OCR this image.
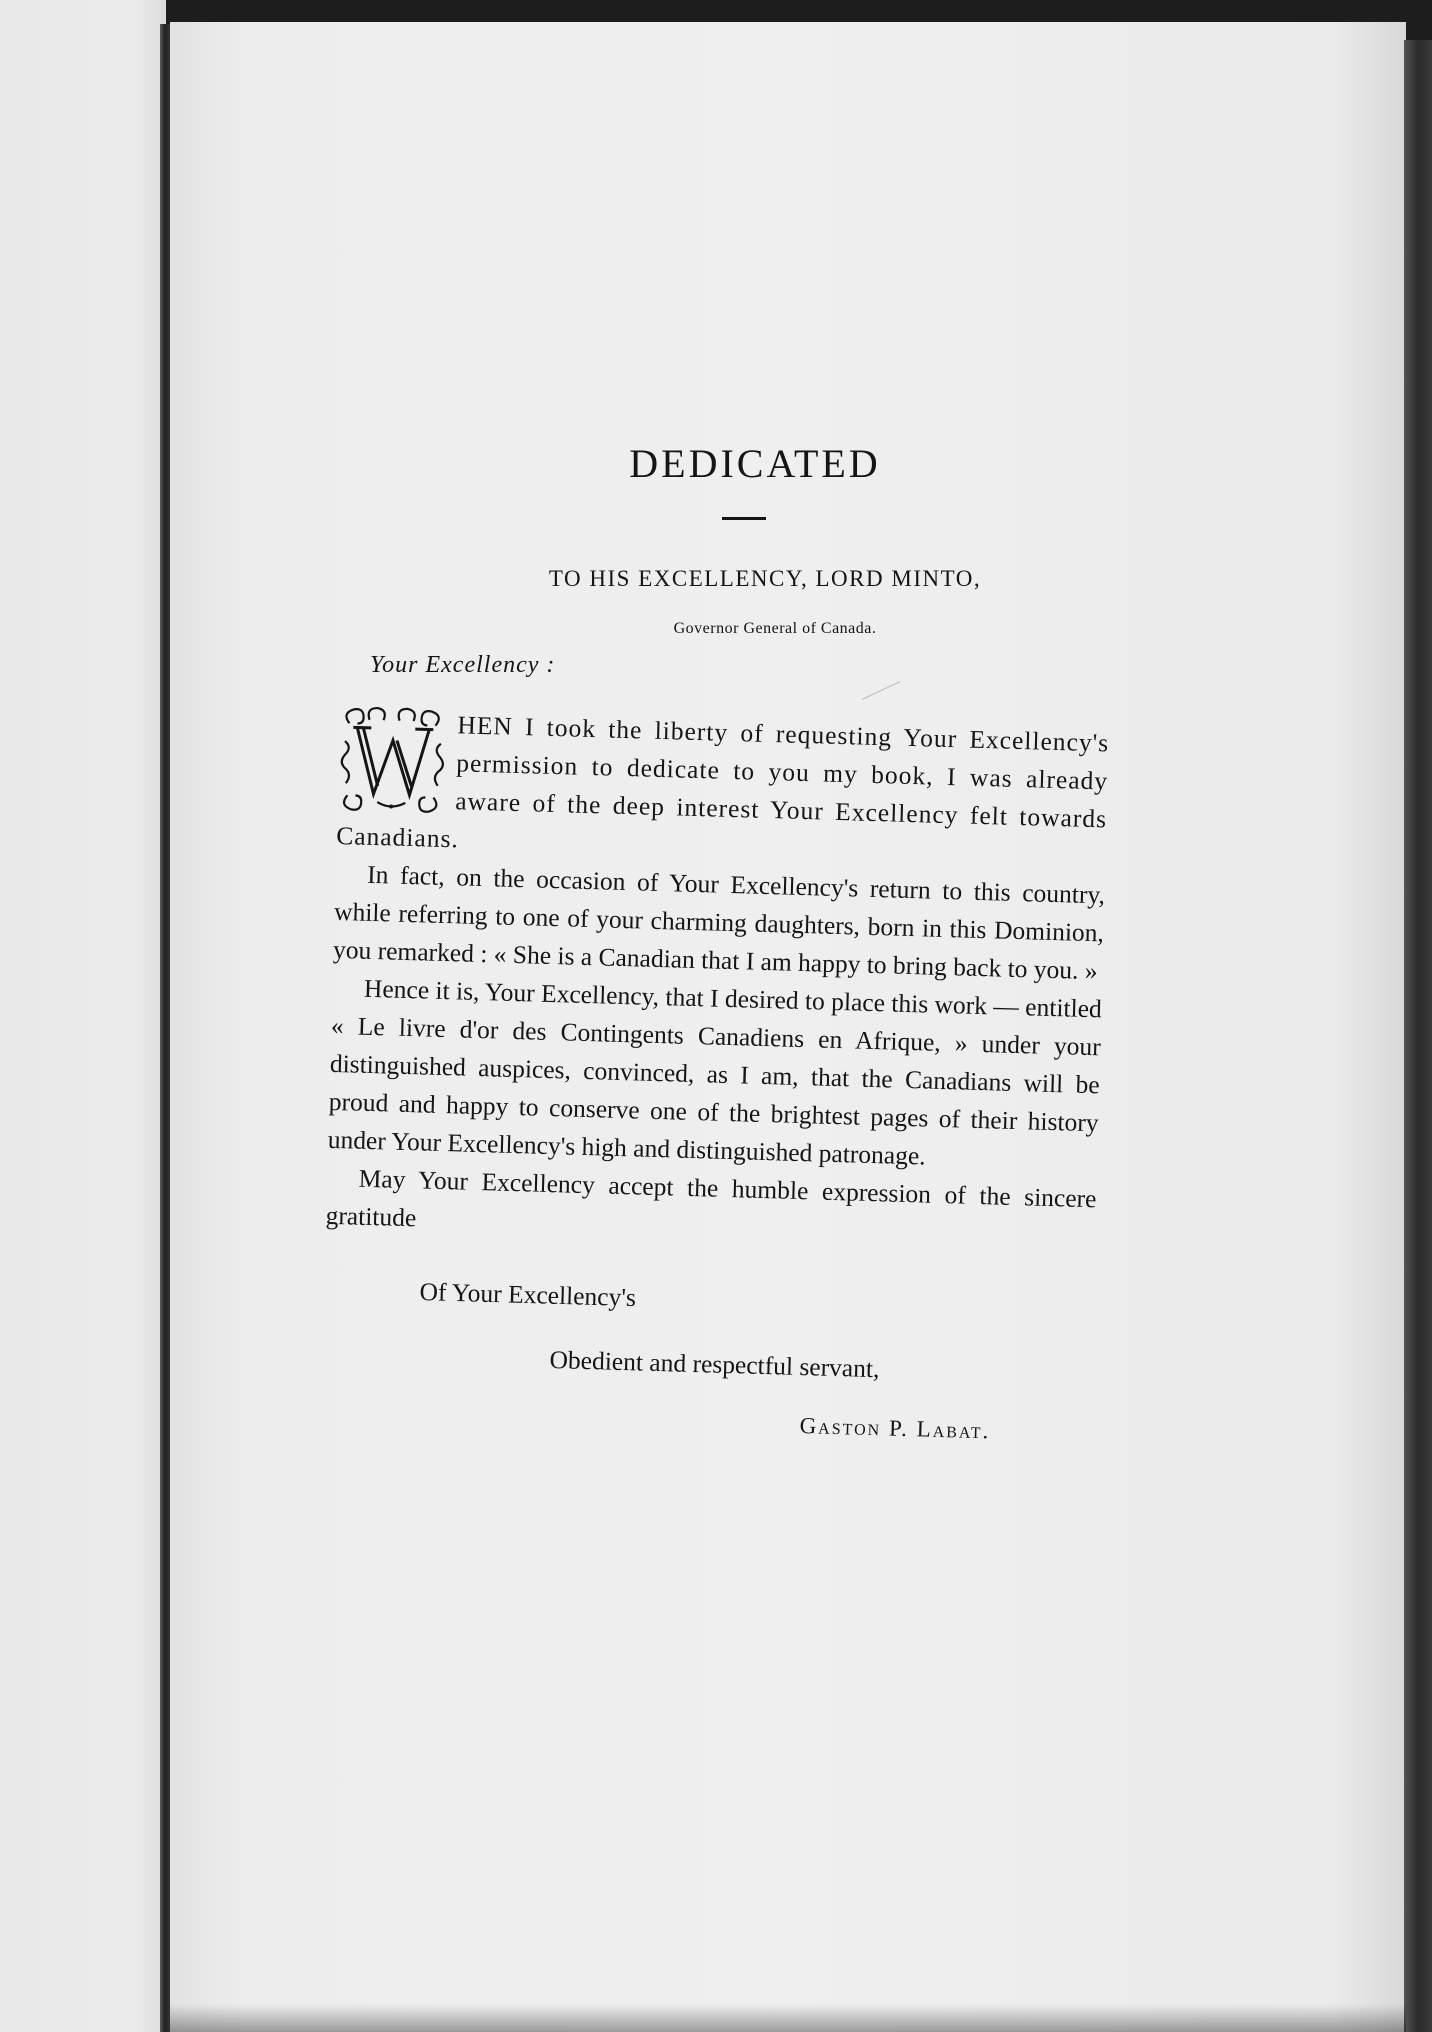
DEDICATED
TO HIS EXCELLENCY, LORD MINTO,
Governor General of Canada.
Your Excellency :

HEN I took the liberty of requesting Your Excellency's permission to dedicate to you my book, I was already aware of the deep interest Your Excellency felt towards Canadians.

In fact, on the occasion of Your Excellency's return to this country, while referring to one of your charming daughters, born in this Dominion, you remarked : « She is a Canadian that I am happy to bring back to you. »

Hence it is, Your Excellency, that I desired to place this work — entitled « Le livre d'or des Contingents Canadiens en Afrique, » under your distinguished auspices, convinced, as I am, that the Canadians will be proud and happy to conserve one of the brightest pages of their history under Your Excellency's high and distinguished patronage.

May Your Excellency accept the humble expression of the sincere gratitude

Of Your Excellency's
Obedient and respectful servant,
Gaston P. Labat.
